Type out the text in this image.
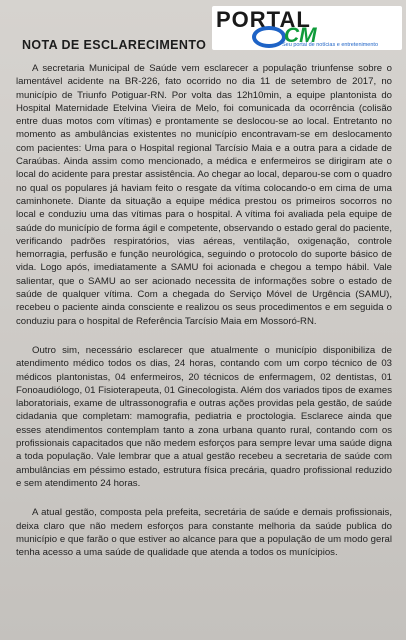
PORTAL
CM
Seu portal de notícias e entretenimento
NOTA DE ESCLARECIMENTO

A secretaria Municipal de Saúde vem esclarecer a população triunfense sobre o lamentável acidente na BR-226, fato ocorrido no dia 11 de setembro de 2017, no município de Triunfo Potiguar-RN. Por volta das 12h10min, a equipe plantonista do Hospital Maternidade Etelvina Vieira de Melo, foi comunicada da ocorrência (colisão entre duas motos com vítimas) e prontamente se deslocou-se ao local. Entretanto no momento as ambulâncias existentes no município encontravam-se em deslocamento com pacientes: Uma para o Hospital regional Tarcísio Maia e a outra para a cidade de Caraúbas. Ainda assim como mencionado, a médica e enfermeiros se dirigiram ate o local do acidente para prestar assistência. Ao chegar ao local, deparou-se com o quadro no qual os populares já haviam feito o resgate da vítima colocando-o em cima de uma caminhonete. Diante da situação a equipe médica prestou os primeiros socorros no local e conduziu uma das vítimas para o hospital. A vítima foi avaliada pela equipe de saúde do município de forma ágil e competente, observando o estado geral do paciente, verificando padrões respiratórios, vias aéreas, ventilação, oxigenação, controle hemorragia, perfusão e função neurológica, seguindo o protocolo do suporte básico de vida. Logo após, imediatamente a SAMU foi acionada e chegou a tempo hábil. Vale salientar, que o SAMU ao ser acionado necessita de informações sobre o estado de saúde de qualquer vítima. Com a chegada do Serviço Móvel de Urgência (SAMU), recebeu o paciente ainda consciente e realizou os seus procedimentos e em seguida o conduziu para o hospital de Referência Tarcísio Maia em Mossoró-RN.

Outro sim, necessário esclarecer que atualmente o município disponibiliza de atendimento médico todos os dias, 24 horas, contando com um corpo técnico de 03 médicos plantonistas, 04 enfermeiros, 20 técnicos de enfermagem, 02 dentistas, 01 Fonoaudiólogo, 01 Fisioterapeuta, 01 Ginecologista. Além dos variados tipos de exames laboratoriais, exame de ultrassonografia e outras ações providas pela gestão, de saúde cidadania que completam: mamografia, pediatria e proctologia. Esclarece ainda que esses atendimentos contemplam tanto a zona urbana quanto rural, contando com os profissionais capacitados que não medem esforços para sempre levar uma saúde digna a toda população. Vale lembrar que a atual gestão recebeu a secretaria de saúde com ambulâncias em péssimo estado, estrutura física precária, quadro profissional reduzido e sem atendimento 24 horas.

A atual gestão, composta pela prefeita, secretária de saúde e demais profissionais, deixa claro que não medem esforços para constante melhoria da saúde publica do município e que farão o que estiver ao alcance para que a população de um modo geral tenha acesso a uma saúde de qualidade que atenda a todos os munícipios.
